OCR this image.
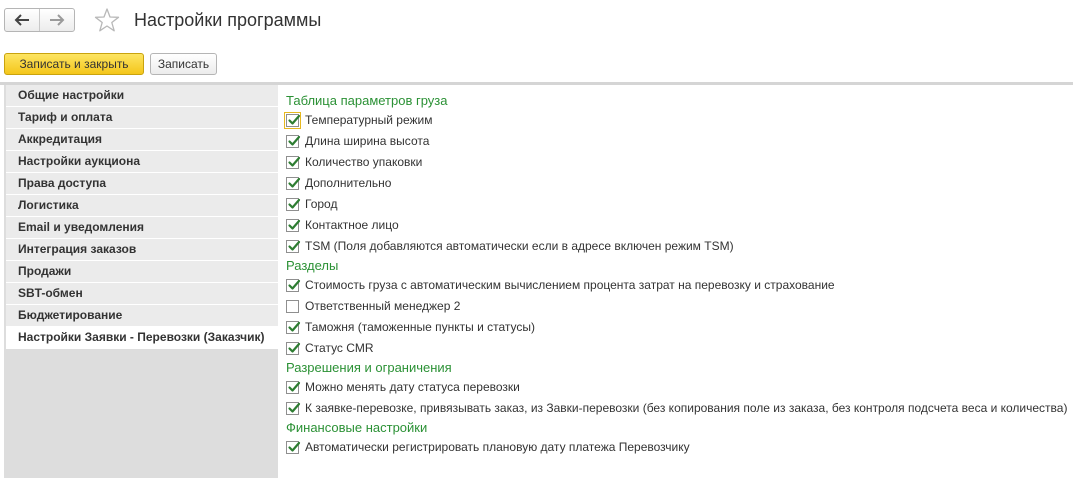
Настройки программы
Записать и закрыть	Записать
Общие настройки
Тариф и оплата
Аккредитация
Настройки аукциона
Права доступа
Логистика
Email и уведомления
Интеграция заказов
Продажи
SBT-обмен
Бюджетирование
Настройки Заявки - Перевозки (Заказчик)
Таблица параметров груза
Температурный режим
Длина ширина высота
Количество упаковки
Дополнительно
Город
Контактное лицо
TSM (Поля добавляются автоматически если в адресе включен режим TSM)
Разделы
Стоимость груза с автоматическим вычислением процента затрат на перевозку и страхование
Ответственный менеджер 2
Таможня (таможенные пункты и статусы)
Статус CMR
Разрешения и ограничения
Можно менять дату статуса перевозки
К заявке-перевозке, привязывать заказ, из Завки-перевозки (без копирования поле из заказа, без контроля подсчета веса и количества)
Финансовые настройки
Автоматически регистрировать плановую дату платежа Перевозчику
